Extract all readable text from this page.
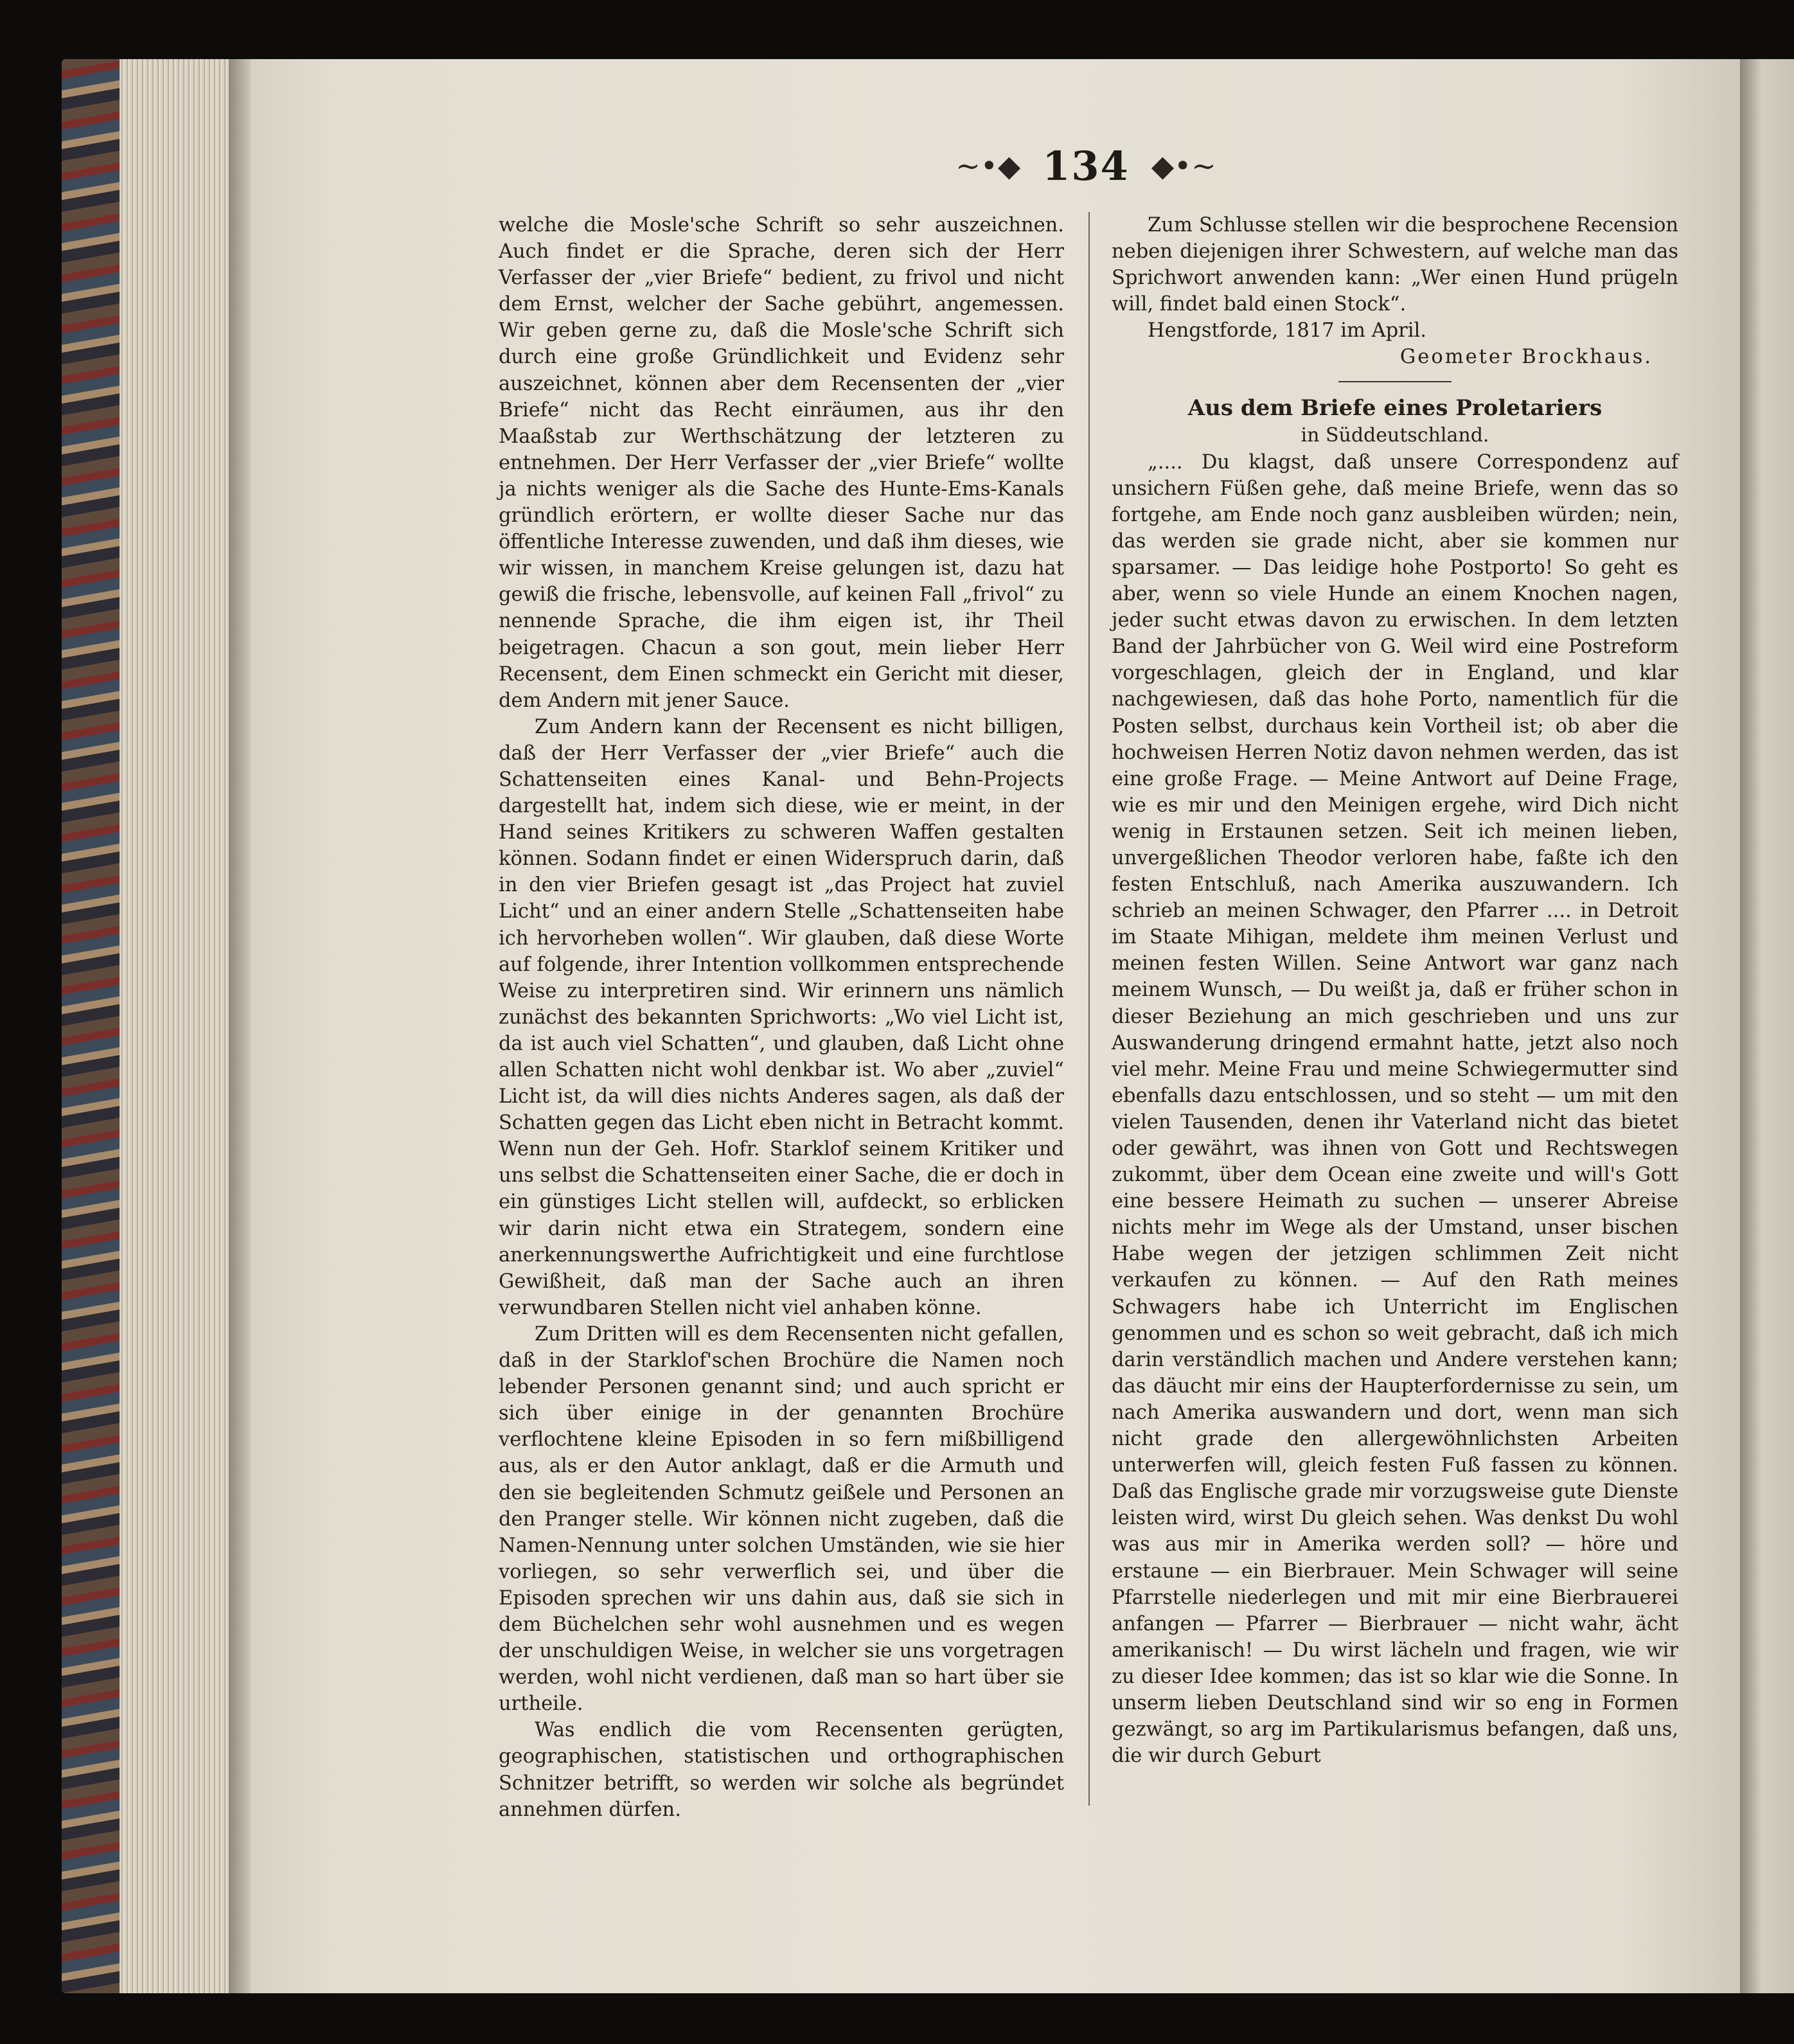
~•◆ 134 ◆•~

welche die Mosle'sche Schrift so sehr auszeichnen. Auch findet er die Sprache, deren sich der Herr Verfasser der „vier Briefe“ bedient, zu frivol und nicht dem Ernst, welcher der Sache gebührt, angemessen. Wir geben gerne zu, daß die Mosle'sche Schrift sich durch eine große Gründlichkeit und Evidenz sehr auszeichnet, können aber dem Recensenten der „vier Briefe“ nicht das Recht einräumen, aus ihr den Maaßstab zur Werthschätzung der letzteren zu entnehmen. Der Herr Verfasser der „vier Briefe“ wollte ja nichts weniger als die Sache des Hunte-Ems-Kanals gründlich erörtern, er wollte dieser Sache nur das öffentliche Interesse zuwenden, und daß ihm dieses, wie wir wissen, in manchem Kreise gelungen ist, dazu hat gewiß die frische, lebensvolle, auf keinen Fall „frivol“ zu nennende Sprache, die ihm eigen ist, ihr Theil beigetragen. Chacun a son gout, mein lieber Herr Recensent, dem Einen schmeckt ein Gericht mit dieser, dem Andern mit jener Sauce.

Zum Andern kann der Recensent es nicht billigen, daß der Herr Verfasser der „vier Briefe“ auch die Schattenseiten eines Kanal- und Behn-Projects dargestellt hat, indem sich diese, wie er meint, in der Hand seines Kritikers zu schweren Waffen gestalten können. Sodann findet er einen Widerspruch darin, daß in den vier Briefen gesagt ist „das Project hat zuviel Licht“ und an einer andern Stelle „Schattenseiten habe ich hervorheben wollen“. Wir glauben, daß diese Worte auf folgende, ihrer Intention vollkommen entsprechende Weise zu interpretiren sind. Wir erinnern uns nämlich zunächst des bekannten Sprichworts: „Wo viel Licht ist, da ist auch viel Schatten“, und glauben, daß Licht ohne allen Schatten nicht wohl denkbar ist. Wo aber „zuviel“ Licht ist, da will dies nichts Anderes sagen, als daß der Schatten gegen das Licht eben nicht in Betracht kommt. Wenn nun der Geh. Hofr. Starklof seinem Kritiker und uns selbst die Schattenseiten einer Sache, die er doch in ein günstiges Licht stellen will, aufdeckt, so erblicken wir darin nicht etwa ein Strategem, sondern eine anerkennungswerthe Aufrichtigkeit und eine furchtlose Gewißheit, daß man der Sache auch an ihren verwundbaren Stellen nicht viel anhaben könne.

Zum Dritten will es dem Recensenten nicht gefallen, daß in der Starklof'schen Brochüre die Namen noch lebender Personen genannt sind; und auch spricht er sich über einige in der genannten Brochüre verflochtene kleine Episoden in so fern mißbilligend aus, als er den Autor anklagt, daß er die Armuth und den sie begleitenden Schmutz geißele und Personen an den Pranger stelle. Wir können nicht zugeben, daß die Namen-Nennung unter solchen Umständen, wie sie hier vorliegen, so sehr verwerflich sei, und über die Episoden sprechen wir uns dahin aus, daß sie sich in dem Büchelchen sehr wohl ausnehmen und es wegen der unschuldigen Weise, in welcher sie uns vorgetragen werden, wohl nicht verdienen, daß man so hart über sie urtheile.

Was endlich die vom Recensenten gerügten, geographischen, statistischen und orthographischen Schnitzer betrifft, so werden wir solche als begründet annehmen dürfen.

Zum Schlusse stellen wir die besprochene Recension neben diejenigen ihrer Schwestern, auf welche man das Sprichwort anwenden kann: „Wer einen Hund prügeln will, findet bald einen Stock“.

Hengstforde, 1817 im April.

Geometer Brockhaus.

Aus dem Briefe eines Proletariers

in Süddeutschland.

„.... Du klagst, daß unsere Correspondenz auf unsichern Füßen gehe, daß meine Briefe, wenn das so fortgehe, am Ende noch ganz ausbleiben würden; nein, das werden sie grade nicht, aber sie kommen nur sparsamer. — Das leidige hohe Postporto! So geht es aber, wenn so viele Hunde an einem Knochen nagen, jeder sucht etwas davon zu erwischen. In dem letzten Band der Jahrbücher von G. Weil wird eine Postreform vorgeschlagen, gleich der in England, und klar nachgewiesen, daß das hohe Porto, namentlich für die Posten selbst, durchaus kein Vortheil ist; ob aber die hochweisen Herren Notiz davon nehmen werden, das ist eine große Frage. — Meine Antwort auf Deine Frage, wie es mir und den Meinigen ergehe, wird Dich nicht wenig in Erstaunen setzen. Seit ich meinen lieben, unvergeßlichen Theodor verloren habe, faßte ich den festen Entschluß, nach Amerika auszuwandern. Ich schrieb an meinen Schwager, den Pfarrer .... in Detroit im Staate Mihigan, meldete ihm meinen Verlust und meinen festen Willen. Seine Antwort war ganz nach meinem Wunsch, — Du weißt ja, daß er früher schon in dieser Beziehung an mich geschrieben und uns zur Auswanderung dringend ermahnt hatte, jetzt also noch viel mehr. Meine Frau und meine Schwiegermutter sind ebenfalls dazu entschlossen, und so steht — um mit den vielen Tausenden, denen ihr Vaterland nicht das bietet oder gewährt, was ihnen von Gott und Rechtswegen zukommt, über dem Ocean eine zweite und will's Gott eine bessere Heimath zu suchen — unserer Abreise nichts mehr im Wege als der Umstand, unser bischen Habe wegen der jetzigen schlimmen Zeit nicht verkaufen zu können. — Auf den Rath meines Schwagers habe ich Unterricht im Englischen genommen und es schon so weit gebracht, daß ich mich darin verständlich machen und Andere verstehen kann; das däucht mir eins der Haupterfordernisse zu sein, um nach Amerika auswandern und dort, wenn man sich nicht grade den allergewöhnlichsten Arbeiten unterwerfen will, gleich festen Fuß fassen zu können. Daß das Englische grade mir vorzugsweise gute Dienste leisten wird, wirst Du gleich sehen. Was denkst Du wohl was aus mir in Amerika werden soll? — höre und erstaune — ein Bierbrauer. Mein Schwager will seine Pfarrstelle niederlegen und mit mir eine Bierbrauerei anfangen — Pfarrer — Bierbrauer — nicht wahr, ächt amerikanisch! — Du wirst lächeln und fragen, wie wir zu dieser Idee kommen; das ist so klar wie die Sonne. In unserm lieben Deutschland sind wir so eng in Formen gezwängt, so arg im Partikularismus befangen, daß uns, die wir durch Geburt
